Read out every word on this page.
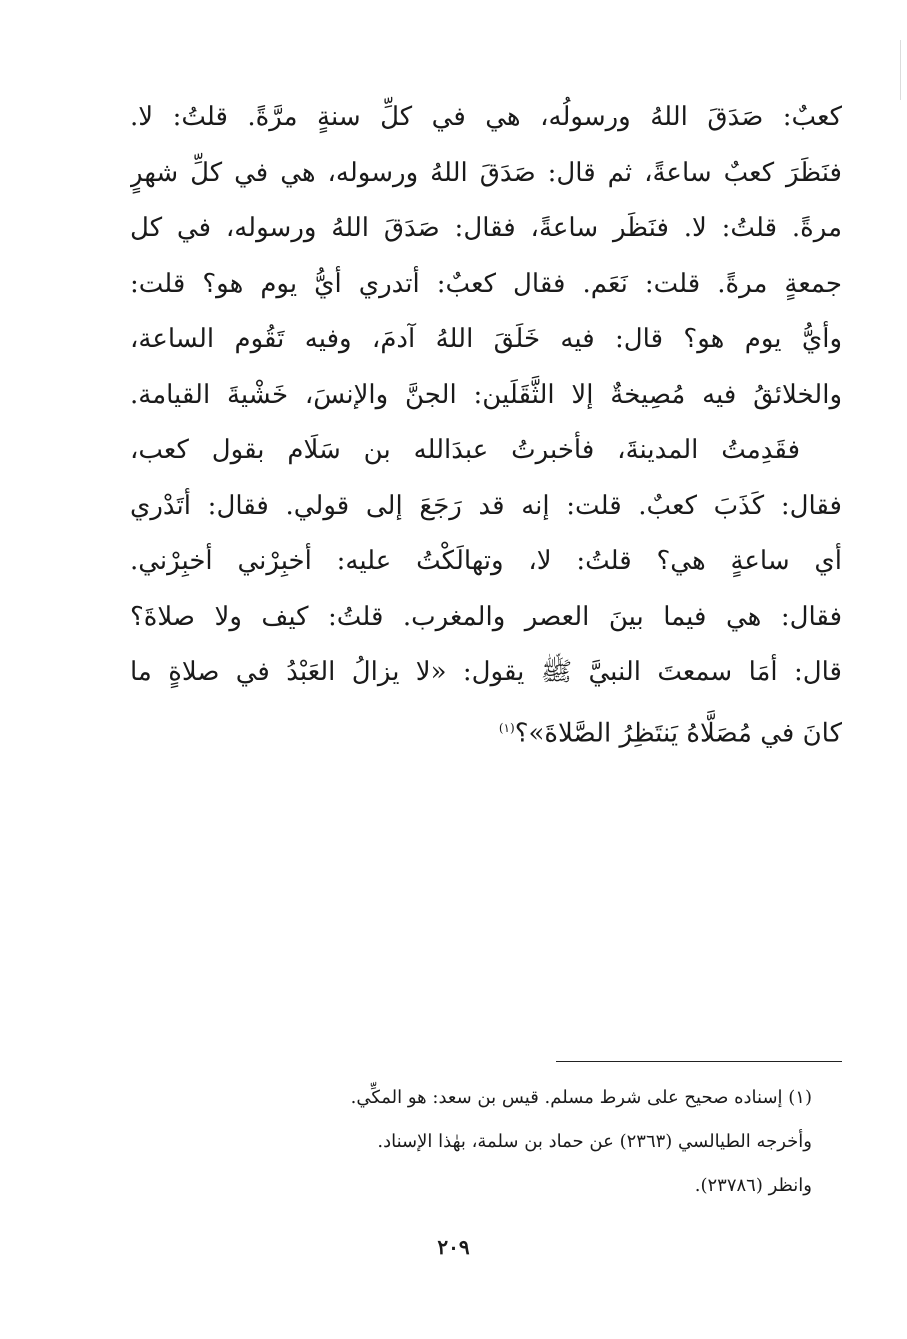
كعبٌ: صَدَقَ اللهُ ورسولُه، هي في كلِّ سنةٍ مرَّةً. قلتُ: لا.
فنَظَرَ كعبٌ ساعةً، ثم قال: صَدَقَ اللهُ ورسوله، هي في كلِّ شهرٍ
مرةً. قلتُ: لا. فنَظَر ساعةً، فقال: صَدَقَ اللهُ ورسوله، في كل
جمعةٍ مرةً. قلت: نَعَم. فقال كعبٌ: أتدري أيُّ يوم هو؟ قلت:
وأيُّ يوم هو؟ قال: فيه خَلَقَ اللهُ آدمَ، وفيه تَقُوم الساعة،
والخلائقُ فيه مُصِيخةٌ إلا الثَّقَلَين: الجنَّ والإنسَ، خَشْيةَ القيامة.
فقَدِمتُ المدينةَ، فأخبرتُ عبدَالله بن سَلَام بقول كعب،
فقال: كَذَبَ كعبٌ. قلت: إنه قد رَجَعَ إلى قولي. فقال: أتَدْري
أي ساعةٍ هي؟ قلتُ: لا، وتهالَكْتُ عليه: أخبِرْني أخبِرْني.
فقال: هي فيما بينَ العصر والمغرب. قلتُ: كيف ولا صلاةَ؟
قال: أمَا سمعتَ النبيَّ ﷺ يقول: «لا يزالُ العَبْدُ في صلاةٍ ما
كانَ في مُصَلَّاهُ يَنتَظِرُ الصَّلاةَ»؟$^{(١)}$
(١) إسناده صحيح على شرط مسلم. قيس بن سعد: هو المكِّي.
وأخرجه الطيالسي (٢٣٦٣) عن حماد بن سلمة، بهٰذا الإسناد.
وانظر (٢٣٧٨٦).
٢٠٩
